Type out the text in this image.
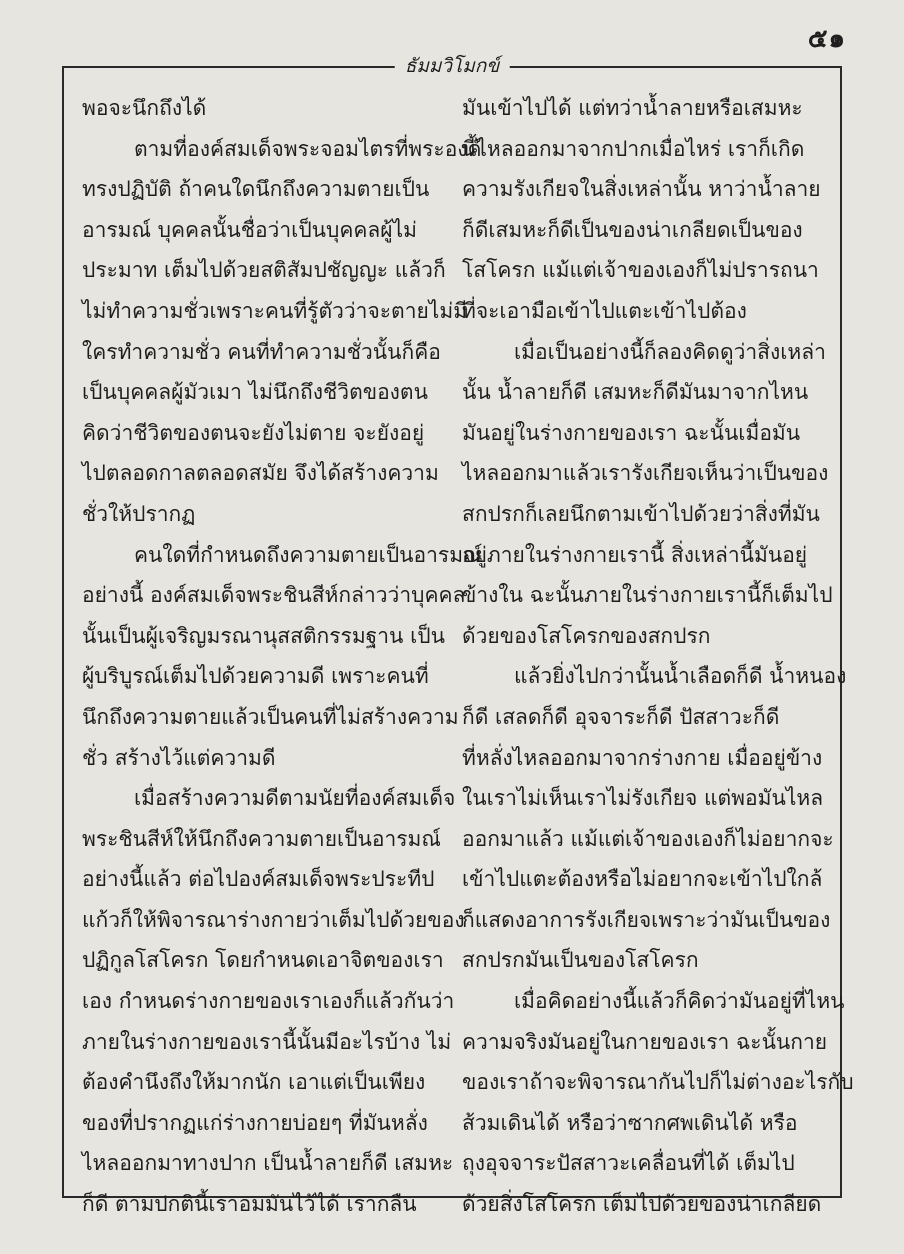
๕๑
ธัมมวิโมกข์
พอจะนึกถึงได้
ตามที่องค์สมเด็จพระจอมไตรที่พระองค์
ทรงปฏิบัติ ถ้าคนใดนึกถึงความตายเป็น
อารมณ์ บุคคลนั้นชื่อว่าเป็นบุคคลผู้ไม่
ประมาท เต็มไปด้วยสติสัมปชัญญะ แล้วก็
ไม่ทำความชั่วเพราะคนที่รู้ตัวว่าจะตายไม่มี
ใครทำความชั่ว คนที่ทำความชั่วนั้นก็คือ
เป็นบุคคลผู้มัวเมา ไม่นึกถึงชีวิตของตน
คิดว่าชีวิตของตนจะยังไม่ตาย จะยังอยู่
ไปตลอดกาลตลอดสมัย จึงได้สร้างความ
ชั่วให้ปรากฏ
คนใดที่กำหนดถึงความตายเป็นอารมณ์
อย่างนี้ องค์สมเด็จพระชินสีห์กล่าวว่าบุคคล
นั้นเป็นผู้เจริญมรณานุสสติกรรมฐาน เป็น
ผู้บริบูรณ์เต็มไปด้วยความดี เพราะคนที่
นึกถึงความตายแล้วเป็นคนที่ไม่สร้างความ
ชั่ว สร้างไว้แต่ความดี
เมื่อสร้างความดีตามนัยที่องค์สมเด็จ
พระชินสีห์ให้นึกถึงความตายเป็นอารมณ์
อย่างนี้แล้ว ต่อไปองค์สมเด็จพระประทีป
แก้วก็ให้พิจารณาร่างกายว่าเต็มไปด้วยของ
ปฏิกูลโสโครก โดยกำหนดเอาจิตของเรา
เอง กำหนดร่างกายของเราเองก็แล้วกันว่า
ภายในร่างกายของเรานี้นั้นมีอะไรบ้าง ไม่
ต้องคำนึงถึงให้มากนัก เอาแต่เป็นเพียง
ของที่ปรากฏแก่ร่างกายบ่อยๆ ที่มันหลั่ง
ไหลออกมาทางปาก เป็นน้ำลายก็ดี เสมหะ
ก็ดี ตามปกตินี้เราอมมันไว้ได้ เรากลืน
มันเข้าไปได้ แต่ทว่าน้ำลายหรือเสมหะ
นี้ไหลออกมาจากปากเมื่อไหร่ เราก็เกิด
ความรังเกียจในสิ่งเหล่านั้น หาว่าน้ำลาย
ก็ดีเสมหะก็ดีเป็นของน่าเกลียดเป็นของ
โสโครก แม้แต่เจ้าของเองก็ไม่ปรารถนา
ที่จะเอามือเข้าไปแตะเข้าไปต้อง
เมื่อเป็นอย่างนี้ก็ลองคิดดูว่าสิ่งเหล่า
นั้น น้ำลายก็ดี เสมหะก็ดีมันมาจากไหน
มันอยู่ในร่างกายของเรา ฉะนั้นเมื่อมัน
ไหลออกมาแล้วเรารังเกียจเห็นว่าเป็นของ
สกปรกก็เลยนึกตามเข้าไปด้วยว่าสิ่งที่มัน
อยู่ภายในร่างกายเรานี้ สิ่งเหล่านี้มันอยู่
ข้างใน ฉะนั้นภายในร่างกายเรานี้ก็เต็มไป
ด้วยของโสโครกของสกปรก
แล้วยิ่งไปกว่านั้นน้ำเลือดก็ดี น้ำหนอง
ก็ดี เสลดก็ดี อุจจาระก็ดี ปัสสาวะก็ดี
ที่หลั่งไหลออกมาจากร่างกาย เมื่ออยู่ข้าง
ในเราไม่เห็นเราไม่รังเกียจ แต่พอมันไหล
ออกมาแล้ว แม้แต่เจ้าของเองก็ไม่อยากจะ
เข้าไปแตะต้องหรือไม่อยากจะเข้าไปใกล้
ก็แสดงอาการรังเกียจเพราะว่ามันเป็นของ
สกปรกมันเป็นของโสโครก
เมื่อคิดอย่างนี้แล้วก็คิดว่ามันอยู่ที่ไหน
ความจริงมันอยู่ในกายของเรา ฉะนั้นกาย
ของเราถ้าจะพิจารณากันไปก็ไม่ต่างอะไรกับ
ส้วมเดินได้ หรือว่าซากศพเดินได้ หรือ
ถุงอุจจาระปัสสาวะเคลื่อนที่ได้ เต็มไป
ด้วยสิ่งโสโครก เต็มไปด้วยของน่าเกลียด
